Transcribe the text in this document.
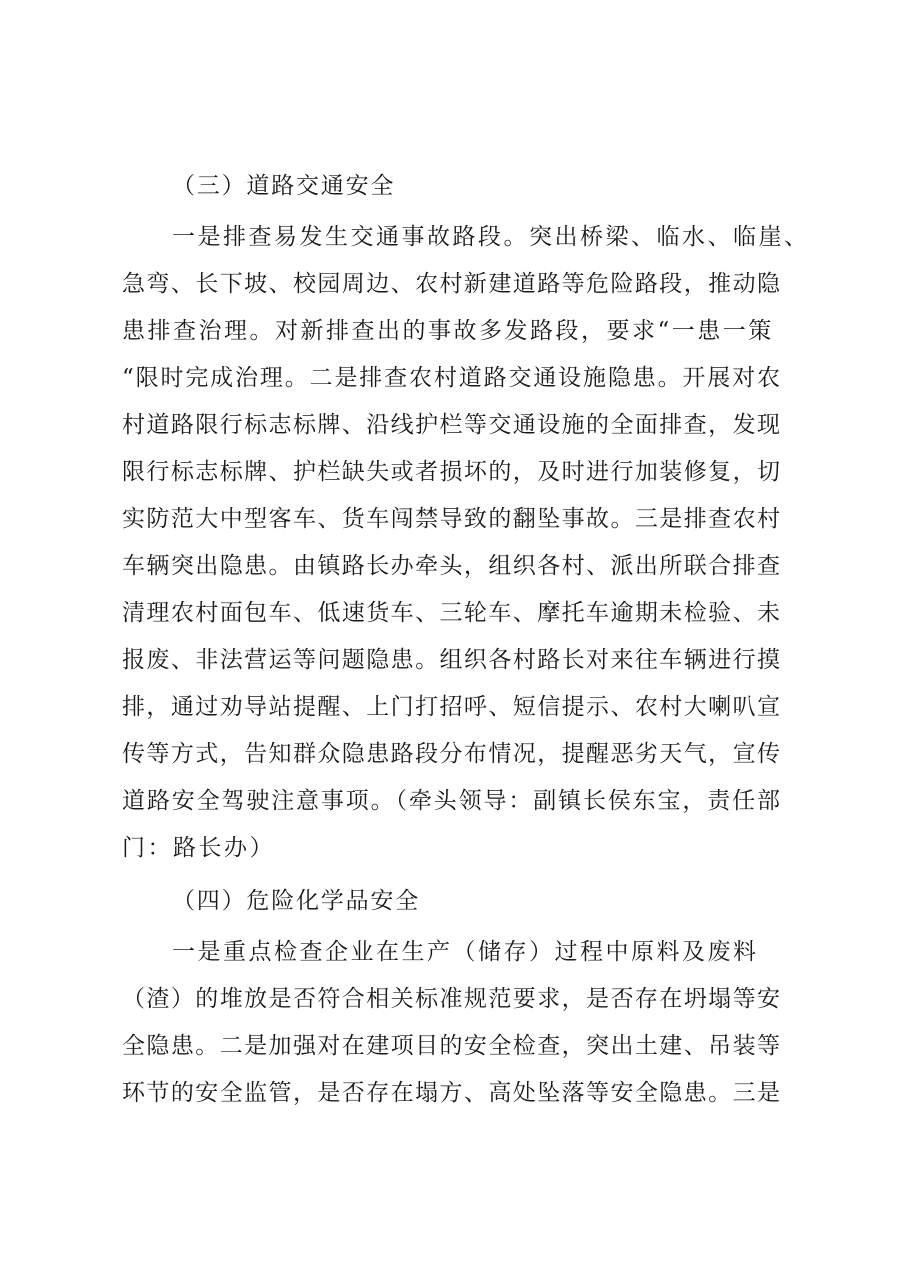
（三）道路交通安全

一是排查易发生交通事故路段。突出桥梁、临水、临崖、

急弯、长下坡、校园周边、农村新建道路等危险路段，推动隐

患排查治理。对新排查出的事故多发路段，要求“一患一策

“限时完成治理。二是排查农村道路交通设施隐患。开展对农

村道路限行标志标牌、沿线护栏等交通设施的全面排查，发现

限行标志标牌、护栏缺失或者损坏的，及时进行加装修复，切

实防范大中型客车、货车闯禁导致的翻坠事故。三是排查农村

车辆突出隐患。由镇路长办牵头，组织各村、派出所联合排查

清理农村面包车、低速货车、三轮车、摩托车逾期未检验、未

报废、非法营运等问题隐患。组织各村路长对来往车辆进行摸

排，通过劝导站提醒、上门打招呼、短信提示、农村大喇叭宣

传等方式，告知群众隐患路段分布情况，提醒恶劣天气，宣传

道路安全驾驶注意事项。（牵头领导：副镇长侯东宝，责任部

门：路长办）

（四）危险化学品安全

一是重点检查企业在生产（储存）过程中原料及废料

（渣）的堆放是否符合相关标准规范要求，是否存在坍塌等安

全隐患。二是加强对在建项目的安全检查，突出土建、吊装等

环节的安全监管，是否存在塌方、高处坠落等安全隐患。三是
